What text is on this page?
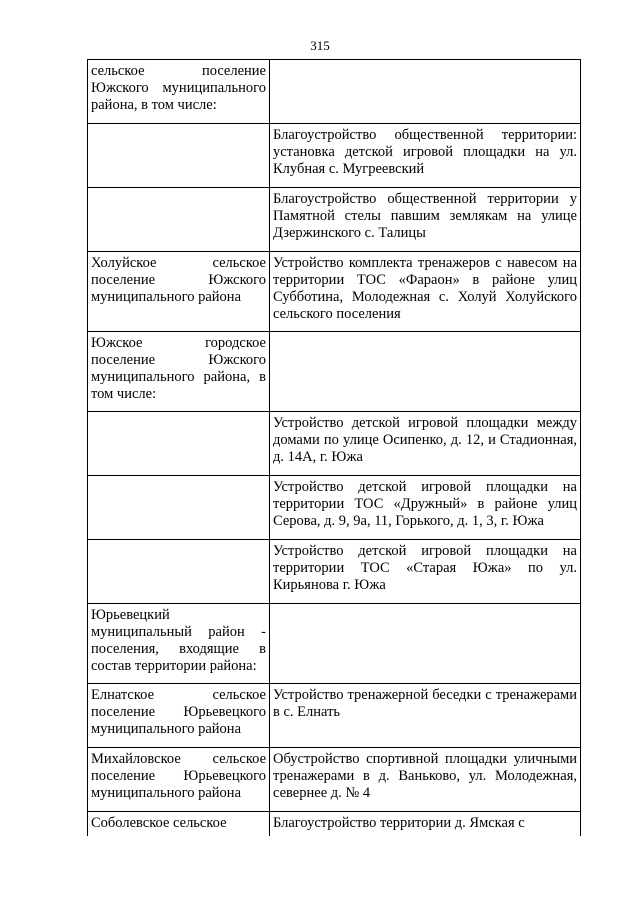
315
сельское поселение Южского муниципального района, в том числе:	

	Благоустройство общественной территории: установка детской игровой площадки на ул. Клубная с. Мугреевский

	Благоустройство общественной территории у Памятной стелы павшим землякам на улице Дзержинского с. Талицы

Холуйское сельское поселение Южского муниципального района	Устройство комплекта тренажеров с навесом на территории ТОС «Фараон» в районе улиц Субботина, Молодежная с. Холуй Холуйского сельского поселения

Южское городское поселение Южского муниципального района, в том числе:	

	Устройство детской игровой площадки между домами по улице Осипенко, д. 12, и Стадионная, д. 14А, г. Южа

	Устройство детской игровой площадки на территории ТОС «Дружный» в районе улиц Серова, д. 9, 9а, 11, Горького, д. 1, 3, г. Южа

	Устройство детской игровой площадки на территории ТОС «Старая Южа» по ул. Кирьянова г. Южа

Юрьевецкий муниципальный район - поселения, входящие в состав территории района:	

Елнатское сельское поселение Юрьевецкого муниципального района	Устройство тренажерной беседки с тренажерами в с. Елнать

Михайловское сельское поселение Юрьевецкого муниципального района	Обустройство спортивной площадки уличными тренажерами в д. Ваньково, ул. Молодежная, севернее д. № 4

Соболевское сельское	Благоустройство территории д. Ямская с
